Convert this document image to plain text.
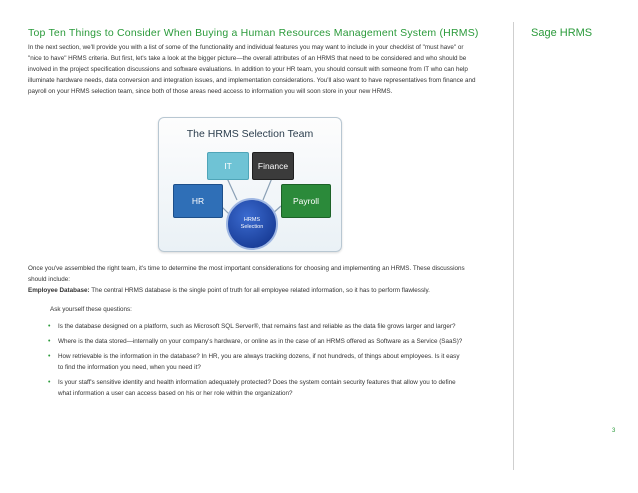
Top Ten Things to Consider When Buying a Human Resources Management System (HRMS)	Sage HRMS
In the next section, we'll provide you with a list of some of the functionality and individual features you may want to include in your checklist of "must have" or "nice to have" HRMS criteria. But first, let's take a look at the bigger picture—the overall attributes of an HRMS that need to be considered and who should be involved in the project specification discussions and software evaluations. In addition to your HR team, you should consult with someone from IT who can help illuminate hardware needs, data conversion and integration issues, and implementation considerations. You'll also want to have representatives from finance and payroll on your HRMS selection team, since both of those areas need access to information you will soon store in your new HRMS.
The HRMS Selection Team
IT	Finance
HR	Payroll
HRMS
Selection
Once you've assembled the right team, it's time to determine the most important considerations for choosing and implementing an HRMS. These discussions should include:
Employee Database: The central HRMS database is the single point of truth for all employee related information, so it has to perform flawlessly.
Ask yourself these questions:
• Is the database designed on a platform, such as Microsoft SQL Server®, that remains fast and reliable as the data file grows larger and larger?
• Where is the data stored—internally on your company's hardware, or online as in the case of an HRMS offered as Software as a Service (SaaS)?
• How retrievable is the information in the database? In HR, you are always tracking dozens, if not hundreds, of things about employees. Is it easy to find the information you need, when you need it?
• Is your staff's sensitive identity and health information adequately protected? Does the system contain security features that allow you to define what information a user can access based on his or her role within the organization?
3
